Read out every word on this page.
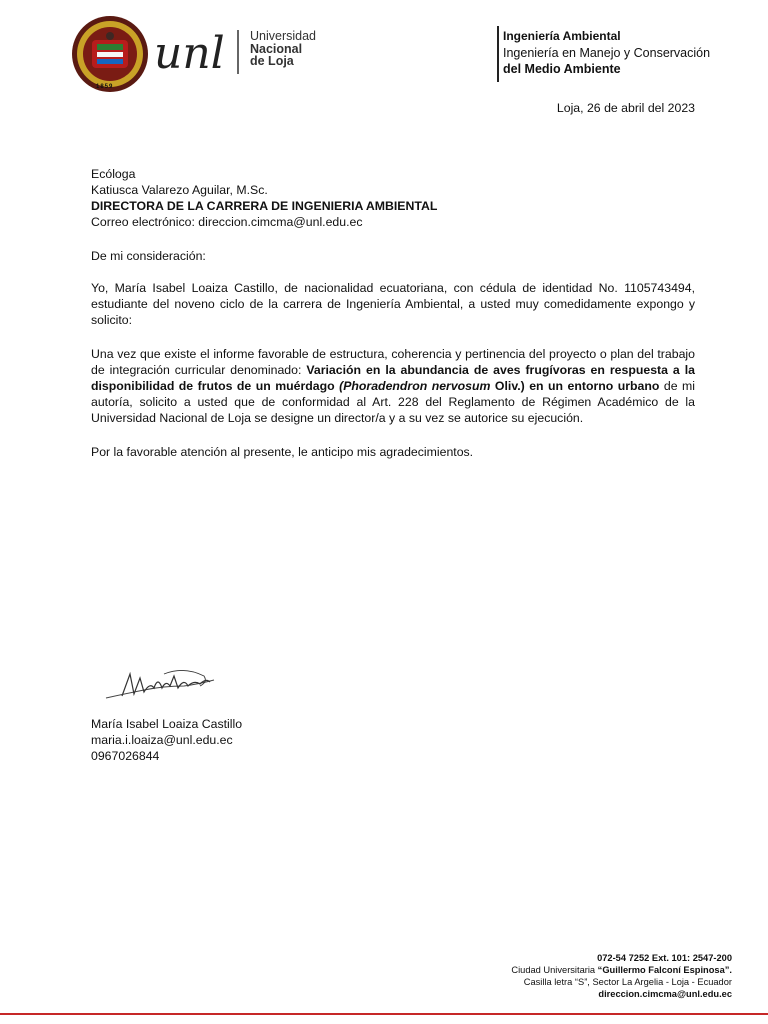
1859
unl Universidad
Nacional
de Loja
Ingeniería Ambiental
Ingeniería en Manejo y Conservación
del Medio Ambiente
Loja, 26 de abril del 2023
Ecóloga
Katiusca Valarezo Aguilar, M.Sc.
DIRECTORA DE LA CARRERA DE INGENIERIA AMBIENTAL
Correo electrónico: direccion.cimcma@unl.edu.ec
De mi consideración:

Yo, María Isabel Loaiza Castillo, de nacionalidad ecuatoriana, con cédula de identidad No. 1105743494, estudiante del noveno ciclo de la carrera de Ingeniería Ambiental, a usted muy comedidamente expongo y solicito:

Una vez que existe el informe favorable de estructura, coherencia y pertinencia del proyecto o plan del trabajo de integración curricular denominado: Variación en la abundancia de aves frugívoras en respuesta a la disponibilidad de frutos de un muérdago (Phoradendron nervosum Oliv.) en un entorno urbano de mi autoría, solicito a usted que de conformidad al Art. 228 del Reglamento de Régimen Académico de la Universidad Nacional de Loja se designe un director/a y a su vez se autorice su ejecución.

Por la favorable atención al presente, le anticipo mis agradecimientos.
María Isabel Loaiza Castillo
maria.i.loaiza@unl.edu.ec
0967026844
072-54 7252 Ext. 101: 2547-200
Ciudad Universitaria “Guillermo Falconí Espinosa”.
Casilla letra “S”, Sector La Argelia - Loja - Ecuador
direccion.cimcma@unl.edu.ec
